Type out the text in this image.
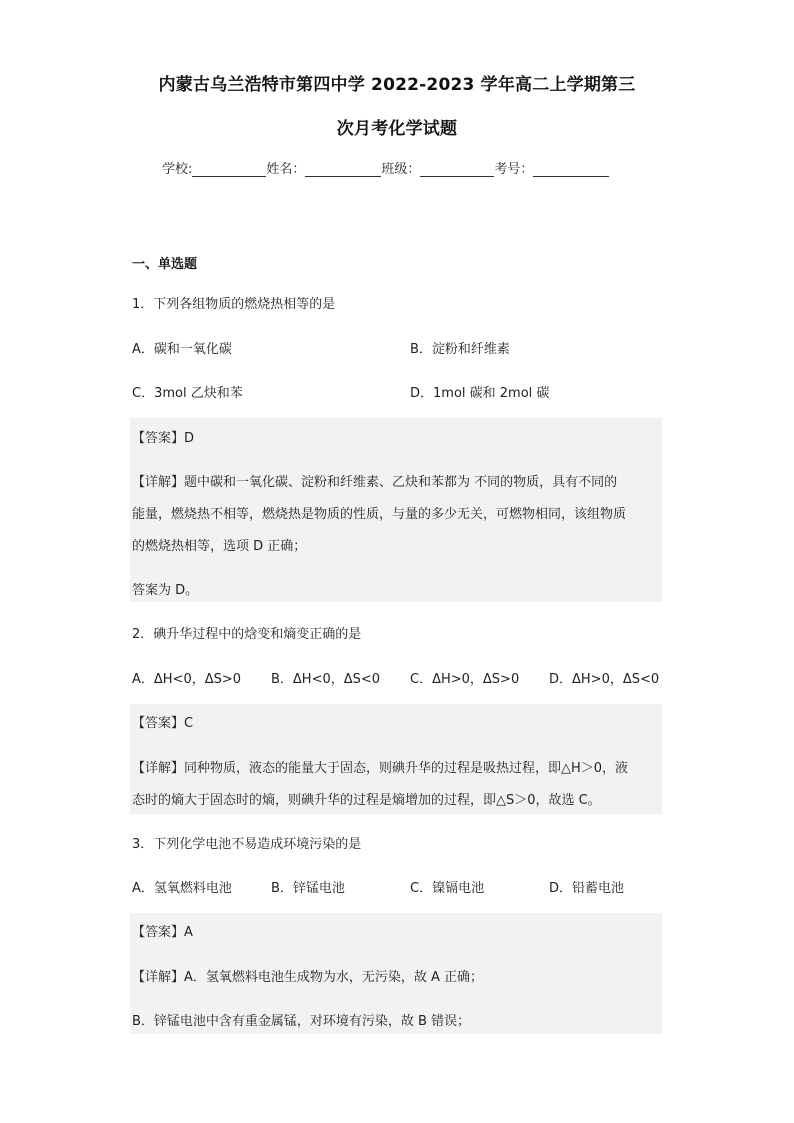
内蒙古乌兰浩特市第四中学 2022-2023 学年高二上学期第三
次月考化学试题
学校:	姓名：	班级：	考号：
一、单选题
1．下列各组物质的燃烧热相等的是
A．碳和一氧化碳	B．淀粉和纤维素
C．3mol 乙炔和苯	D．1mol 碳和 2mol 碳
【答案】D
【详解】题中碳和一氧化碳、淀粉和纤维素、乙炔和苯都为 不同的物质，具有不同的
能量，燃烧热不相等，燃烧热是物质的性质，与量的多少无关，可燃物相同，该组物质
的燃烧热相等，选项 D 正确；
答案为 D。
2．碘升华过程中的焓变和熵变正确的是
A．ΔH<0，ΔS>0 B．ΔH<0，ΔS<0 C．ΔH>0，ΔS>0 D．ΔH>0，ΔS<0
【答案】C
【详解】同种物质，液态的能量大于固态，则碘升华的过程是吸热过程，即△H＞0，液
态时的熵大于固态时的熵，则碘升华的过程是熵增加的过程，即△S＞0，故选 C。
3．下列化学电池不易造成环境污染的是
A．氢氧燃料电池	B．锌锰电池	C．镍镉电池	D．铅蓄电池
【答案】A
【详解】A．氢氧燃料电池生成物为水，无污染，故 A 正确；
B．锌锰电池中含有重金属锰，对环境有污染，故 B 错误；
